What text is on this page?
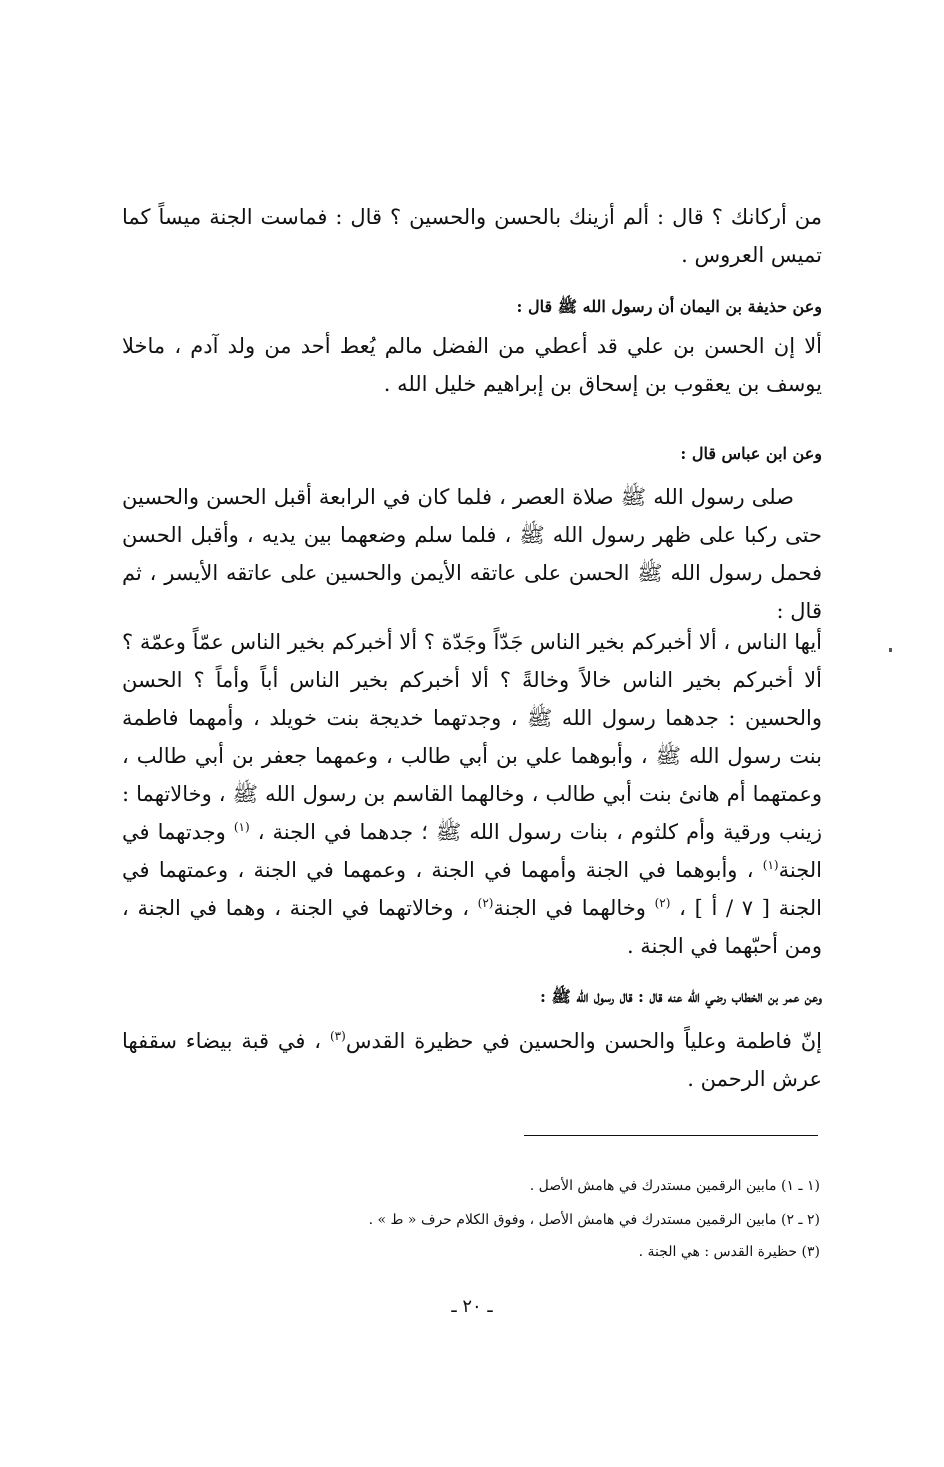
من أركانك ؟ قال : ألم أزينك بالحسن والحسين ؟ قال : فماست الجنة ميساً كما تميس العروس .

وعن حذيفة بن اليمان أن رسول الله ﷺ قال :

ألا إن الحسن بن علي قد أعطي من الفضل مالم يُعط أحد من ولد آدم ، ماخلا يوسف بن يعقوب بن إسحاق بن إبراهيم خليل الله .

وعن ابن عباس قال :

صلى رسول الله ﷺ صلاة العصر ، فلما كان في الرابعة أقبل الحسن والحسين حتى ركبا على ظهر رسول الله ﷺ ، فلما سلم وضعهما بين يديه ، وأقبل الحسن فحمل رسول الله ﷺ الحسن على عاتقه الأيمن والحسين على عاتقه الأيسر ، ثم قال :

أيها الناس ، ألا أخبركم بخير الناس جَدّاً وجَدّة ؟ ألا أخبركم بخير الناس عمّاً وعمّة ؟ ألا أخبركم بخير الناس خالاً وخالةً ؟ ألا أخبركم بخير الناس أباً وأماً ؟ الحسن والحسين : جدهما رسول الله ﷺ ، وجدتهما خديجة بنت خويلد ، وأمهما فاطمة بنت رسول الله ﷺ ، وأبوهما علي بن أبي طالب ، وعمهما جعفر بن أبي طالب ، وعمتهما أم هانئ بنت أبي طالب ، وخالهما القاسم بن رسول الله ﷺ ، وخالاتهما : زينب ورقية وأم كلثوم ، بنات رسول الله ﷺ ؛ جدهما في الجنة ، $^{(١)}$ وجدتهما في الجنة$^{(١)}$ ، وأبوهما في الجنة وأمهما في الجنة ، وعمهما في الجنة ، وعمتهما في الجنة [ ٧ / أ ] ، $^{(٢)}$ وخالهما في الجنة$^{(٢)}$ ، وخالاتهما في الجنة ، وهما في الجنة ، ومن أحبّهما في الجنة .

وعن عمر بن الخطاب رضي الله عنه قال : قال رسول الله ﷺ :

إنّ فاطمة وعلياً والحسن والحسين في حظيرة القدس$^{(٣)}$ ، في قبة بيضاء سقفها عرش الرحمن .

(١ ـ ١) مابين الرقمين مستدرك في هامش الأصل .
(٢ ـ ٢) مابين الرقمين مستدرك في هامش الأصل ، وفوق الكلام حرف « ط » .
(٣) حظيرة القدس : هي الجنة .
ـ ٢٠ ـ
